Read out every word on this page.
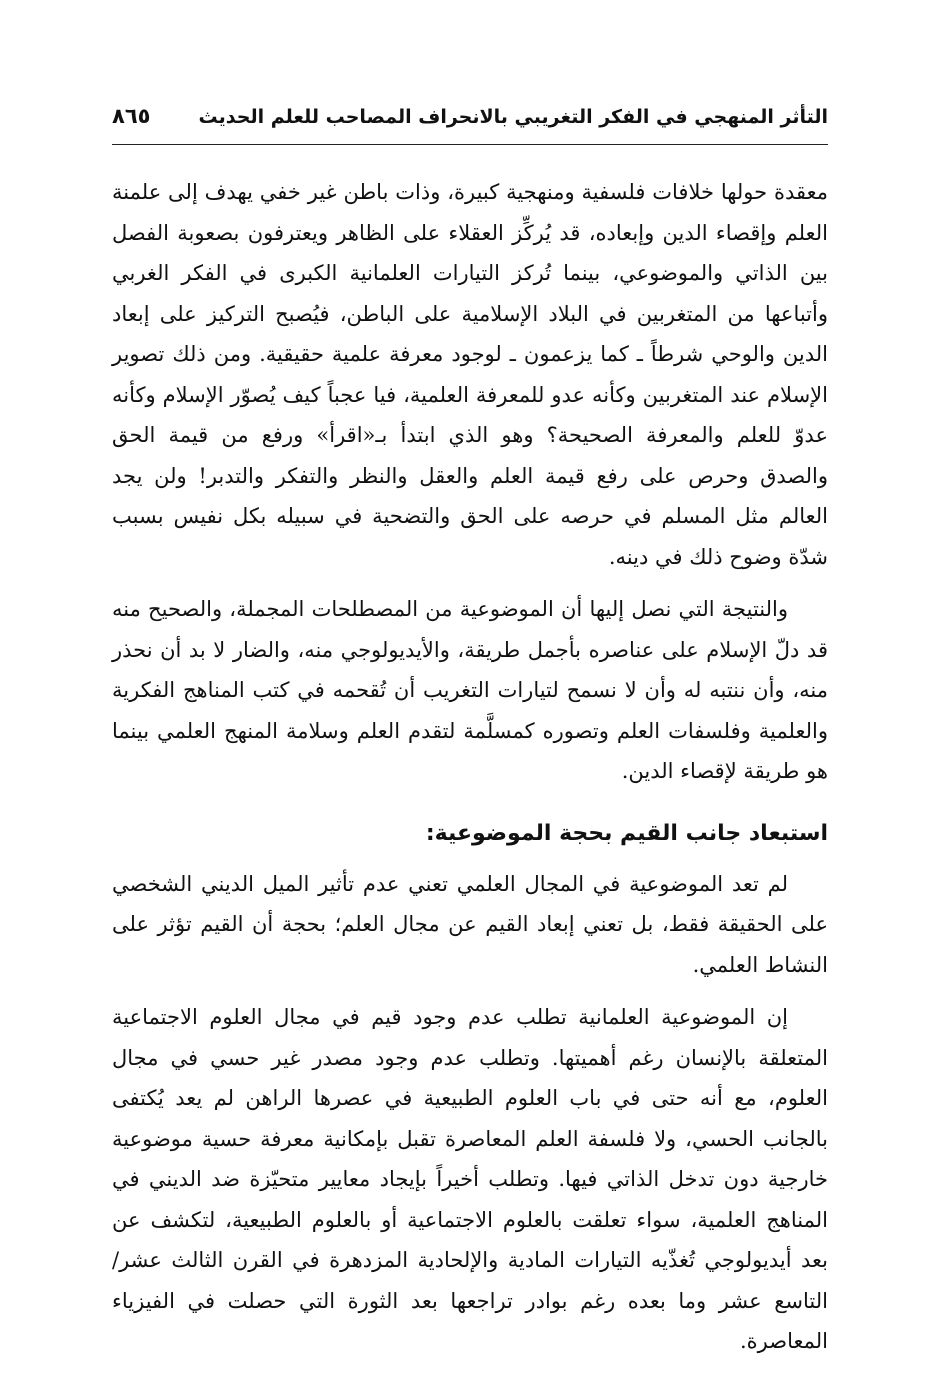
التأثر المنهجي في الفكر التغريبي بالانحراف المصاحب للعلم الحديث
٨٦٥

معقدة حولها خلافات فلسفية ومنهجية كبيرة، وذات باطن غير خفي يهدف إلى علمنة العلم وإقصاء الدين وإبعاده، قد يُركِّز العقلاء على الظاهر ويعترفون بصعوبة الفصل بين الذاتي والموضوعي، بينما تُركز التيارات العلمانية الكبرى في الفكر الغربي وأتباعها من المتغربين في البلاد الإسلامية على الباطن، فيُصبح التركيز على إبعاد الدين والوحي شرطاً ـ كما يزعمون ـ لوجود معرفة علمية حقيقية. ومن ذلك تصوير الإسلام عند المتغربين وكأنه عدو للمعرفة العلمية، فيا عجباً كيف يُصوّر الإسلام وكأنه عدوّ للعلم والمعرفة الصحيحة؟ وهو الذي ابتدأ بـ«اقرأ» ورفع من قيمة الحق والصدق وحرص على رفع قيمة العلم والعقل والنظر والتفكر والتدبر! ولن يجد العالم مثل المسلم في حرصه على الحق والتضحية في سبيله بكل نفيس بسبب شدّة وضوح ذلك في دينه.

والنتيجة التي نصل إليها أن الموضوعية من المصطلحات المجملة، والصحيح منه قد دلّ الإسلام على عناصره بأجمل طريقة، والأيديولوجي منه، والضار لا بد أن نحذر منه، وأن ننتبه له وأن لا نسمح لتيارات التغريب أن تُقحمه في كتب المناهج الفكرية والعلمية وفلسفات العلم وتصوره كمسلَّمة لتقدم العلم وسلامة المنهج العلمي بينما هو طريقة لإقصاء الدين.

استبعاد جانب القيم بحجة الموضوعية:

لم تعد الموضوعية في المجال العلمي تعني عدم تأثير الميل الديني الشخصي على الحقيقة فقط، بل تعني إبعاد القيم عن مجال العلم؛ بحجة أن القيم تؤثر على النشاط العلمي.

إن الموضوعية العلمانية تطلب عدم وجود قيم في مجال العلوم الاجتماعية المتعلقة بالإنسان رغم أهميتها. وتطلب عدم وجود مصدر غير حسي في مجال العلوم، مع أنه حتى في باب العلوم الطبيعية في عصرها الراهن لم يعد يُكتفى بالجانب الحسي، ولا فلسفة العلم المعاصرة تقبل بإمكانية معرفة حسية موضوعية خارجية دون تدخل الذاتي فيها. وتطلب أخيراً بإيجاد معايير متحيّزة ضد الديني في المناهج العلمية، سواء تعلقت بالعلوم الاجتماعية أو بالعلوم الطبيعية، لتكشف عن بعد أيديولوجي تُغذّيه التيارات المادية والإلحادية المزدهرة في القرن الثالث عشر/التاسع عشر وما بعده رغم بوادر تراجعها بعد الثورة التي حصلت في الفيزياء المعاصرة.
